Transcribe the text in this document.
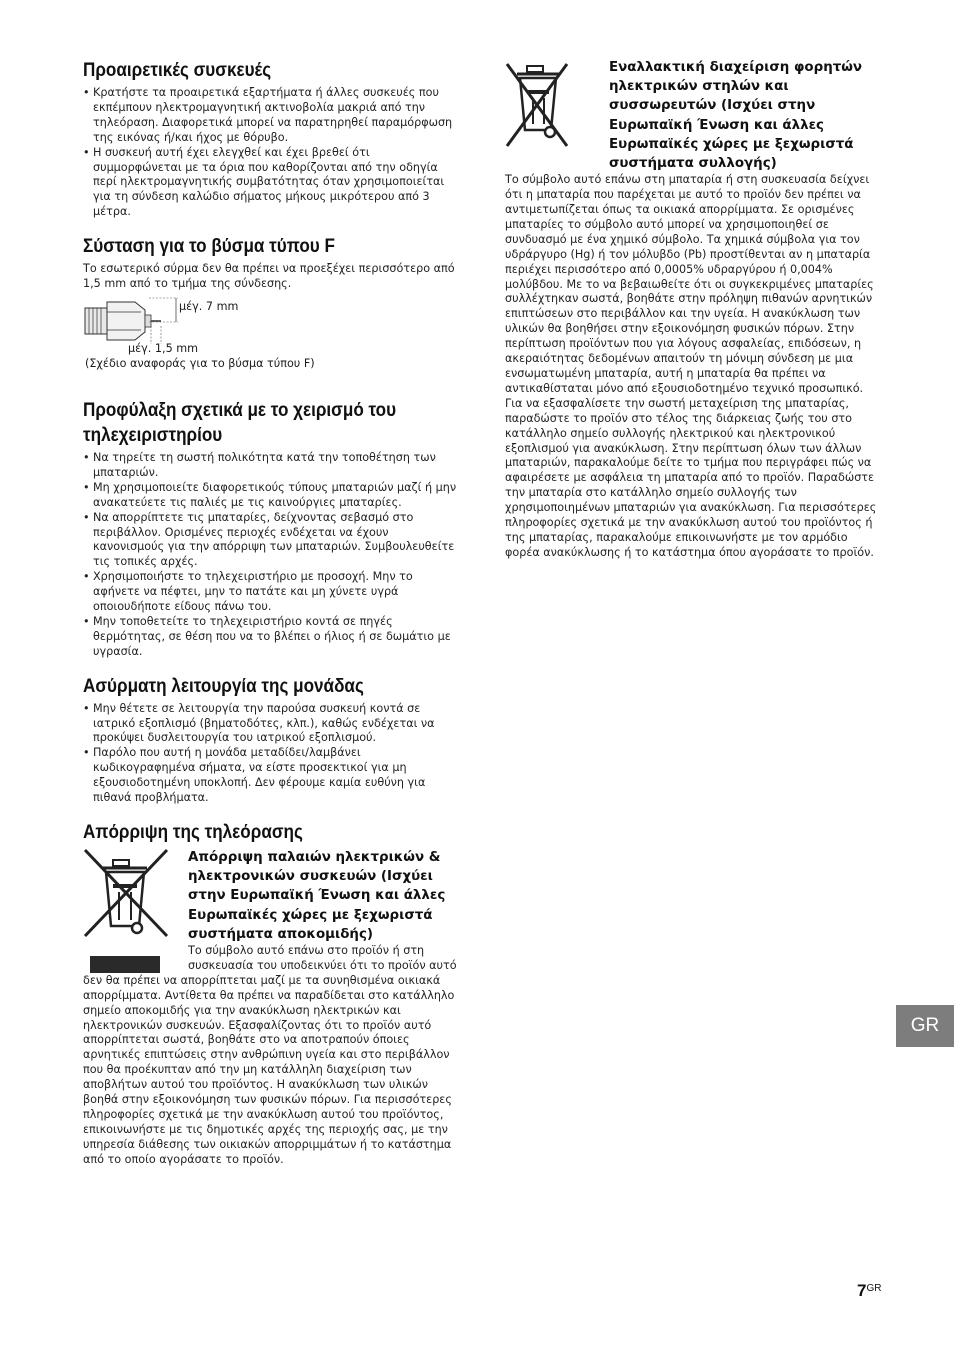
Προαιρετικές συσκευές
• Κρατήστε τα προαιρετικά εξαρτήματα ή άλλες συσκευές που εκπέμπουν ηλεκτρομαγνητική ακτινοβολία μακριά από την τηλεόραση. Διαφορετικά μπορεί να παρατηρηθεί παραμόρφωση της εικόνας ή/και ήχος με θόρυβο.
• Η συσκευή αυτή έχει ελεγχθεί και έχει βρεθεί ότι συμμορφώνεται με τα όρια που καθορίζονται από την οδηγία περί ηλεκτρομαγνητικής συμβατότητας όταν χρησιμοποιείται για τη σύνδεση καλώδιο σήματος μήκους μικρότερου από 3 μέτρα.
Σύσταση για το βύσμα τύπου F

Το εσωτερικό σύρμα δεν θα πρέπει να προεξέχει περισσότερο από 1,5 mm από το τμήμα της σύνδεσης.

μέγ. 7 mm
μέγ. 1,5 mm
(Σχέδιο αναφοράς για το βύσμα τύπου F)
Προφύλαξη σχετικά με το χειρισμό του τηλεχειριστηρίου
• Να τηρείτε τη σωστή πολικότητα κατά την τοποθέτηση των μπαταριών.
• Μη χρησιμοποιείτε διαφορετικούς τύπους μπαταριών μαζί ή μην ανακατεύετε τις παλιές με τις καινούργιες μπαταρίες.
• Να απορρίπτετε τις μπαταρίες, δείχνοντας σεβασμό στο περιβάλλον. Ορισμένες περιοχές ενδέχεται να έχουν κανονισμούς για την απόρριψη των μπαταριών. Συμβουλευθείτε τις τοπικές αρχές.
• Χρησιμοποιήστε το τηλεχειριστήριο με προσοχή. Μην το αφήνετε να πέφτει, μην το πατάτε και μη χύνετε υγρά οποιουδήποτε είδους πάνω του.
• Μην τοποθετείτε το τηλεχειριστήριο κοντά σε πηγές θερμότητας, σε θέση που να το βλέπει ο ήλιος ή σε δωμάτιο με υγρασία.
Ασύρματη λειτουργία της μονάδας
• Μην θέτετε σε λειτουργία την παρούσα συσκευή κοντά σε ιατρικό εξοπλισμό (βηματοδότες, κλπ.), καθώς ενδέχεται να προκύψει δυσλειτουργία του ιατρικού εξοπλισμού.
• Παρόλο που αυτή η μονάδα μεταδίδει/λαμβάνει κωδικογραφημένα σήματα, να είστε προσεκτικοί για μη εξουσιοδοτημένη υποκλοπή. Δεν φέρουμε καμία ευθύνη για πιθανά προβλήματα.
Απόρριψη της τηλεόρασης
Απόρριψη παλαιών ηλεκτρικών & ηλεκτρονικών συσκευών (Ισχύει στην Ευρωπαϊκή Ένωση και άλλες Ευρωπαϊκές χώρες με ξεχωριστά συστήματα αποκομιδής)

Το σύμβολο αυτό επάνω στο προϊόν ή στη συσκευασία του υποδεικνύει ότι το προϊόν αυτό δεν θα πρέπει να απορρίπτεται μαζί με τα συνηθισμένα οικιακά απορρίμματα. Αντίθετα θα πρέπει να παραδίδεται στο κατάλληλο σημείο αποκομιδής για την ανακύκλωση ηλεκτρικών και ηλεκτρονικών συσκευών. Εξασφαλίζοντας ότι το προϊόν αυτό απορρίπτεται σωστά, βοηθάτε στο να αποτραπούν όποιες αρνητικές επιπτώσεις στην ανθρώπινη υγεία και στο περιβάλλον που θα προέκυπταν από την μη κατάλληλη διαχείριση των αποβλήτων αυτού του προϊόντος. Η ανακύκλωση των υλικών βοηθά στην εξοικονόμηση των φυσικών πόρων. Για περισσότερες πληροφορίες σχετικά με την ανακύκλωση αυτού του προϊόντος, επικοινωνήστε με τις δημοτικές αρχές της περιοχής σας, με την υπηρεσία διάθεσης των οικιακών απορριμμάτων ή το κατάστημα από το οποίο αγοράσατε το προϊόν.

Εναλλακτική διαχείριση φορητών ηλεκτρικών στηλών και συσσωρευτών (Ισχύει στην Ευρωπαϊκή Ένωση και άλλες Ευρωπαϊκές χώρες με ξεχωριστά συστήματα συλλογής)

Το σύμβολο αυτό επάνω στη μπαταρία ή στη συσκευασία δείχνει ότι η μπαταρία που παρέχεται με αυτό το προϊόν δεν πρέπει να αντιμετωπίζεται όπως τα οικιακά απορρίμματα. Σε ορισμένες μπαταρίες το σύμβολο αυτό μπορεί να χρησιμοποιηθεί σε συνδυασμό με ένα χημικό σύμβολο. Τα χημικά σύμβολα για τον υδράργυρο (Hg) ή τον μόλυβδο (Pb) προστίθενται αν η μπαταρία περιέχει περισσότερο από 0,0005% υδραργύρου ή 0,004% μολύβδου. Με το να βεβαιωθείτε ότι οι συγκεκριμένες μπαταρίες συλλέχτηκαν σωστά, βοηθάτε στην πρόληψη πιθανών αρνητικών επιπτώσεων στο περιβάλλον και την υγεία. Η ανακύκλωση των υλικών θα βοηθήσει στην εξοικονόμηση φυσικών πόρων. Στην περίπτωση προϊόντων που για λόγους ασφαλείας, επιδόσεων, η ακεραιότητας δεδομένων απαιτούν τη μόνιμη σύνδεση με μια ενσωματωμένη μπαταρία, αυτή η μπαταρία θα πρέπει να αντικαθίσταται μόνο από εξουσιοδοτημένο τεχνικό προσωπικό. Για να εξασφαλίσετε την σωστή μεταχείριση της μπαταρίας, παραδώστε το προϊόν στο τέλος της διάρκειας ζωής του στο κατάλληλο σημείο συλλογής ηλεκτρικού και ηλεκτρονικού εξοπλισμού για ανακύκλωση. Στην περίπτωση όλων των άλλων μπαταριών, παρακαλούμε δείτε το τμήμα που περιγράφει πώς να αφαιρέσετε με ασφάλεια τη μπαταρία από το προϊόν. Παραδώστε την μπαταρία στο κατάλληλο σημείο συλλογής των χρησιμοποιημένων μπαταριών για ανακύκλωση. Για περισσότερες πληροφορίες σχετικά με την ανακύκλωση αυτού του προϊόντος ή της μπαταρίας, παρακαλούμε επικοινωνήστε με τον αρμόδιο φορέα ανακύκλωσης ή το κατάστημα όπου αγοράσατε το προϊόν.

GR
$7^{GR}$
